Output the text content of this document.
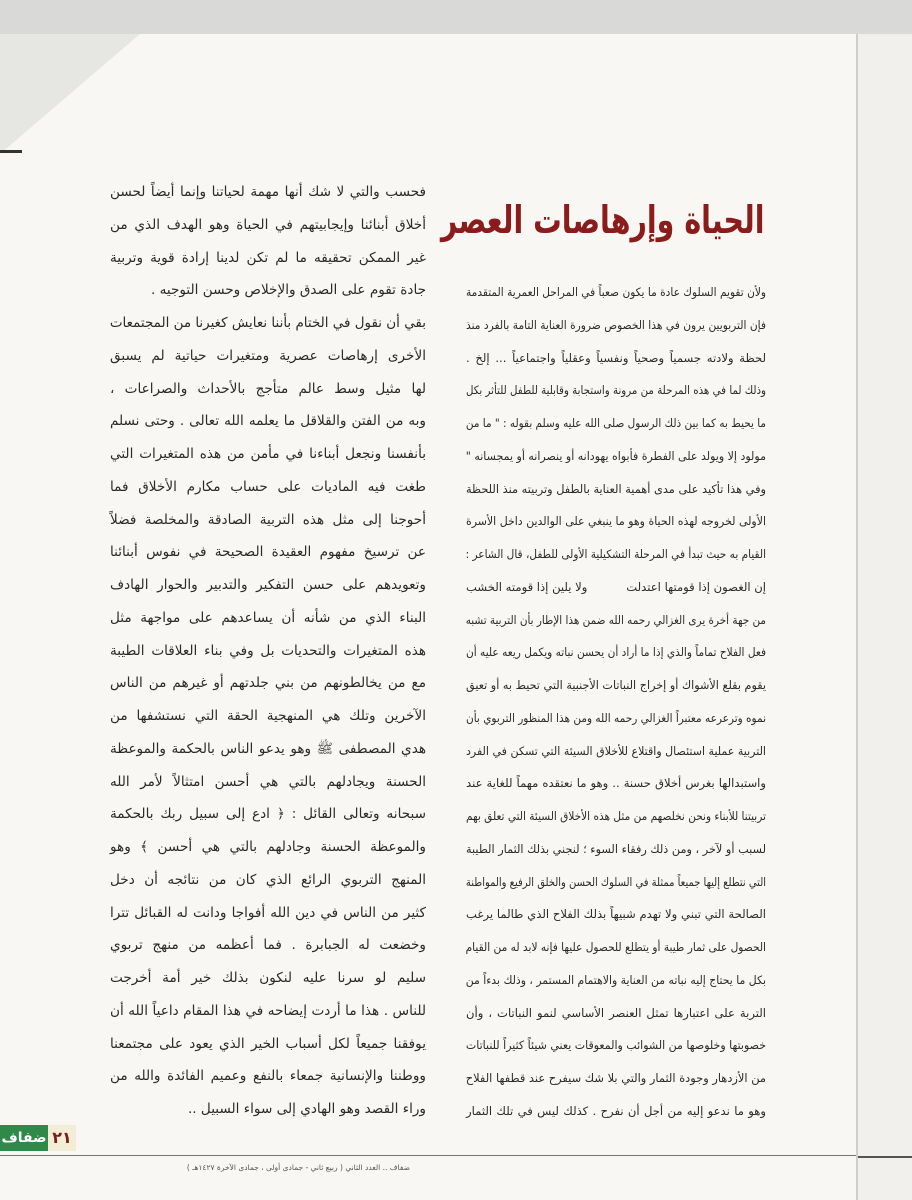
الحياة وإرهاصات العصر
ولأن تقويم السلوك عادة ما يكون صعباً في المراحل العمرية المتقدمة
فإن التربويين يرون في هذا الخصوص ضرورة العناية التامة بالفرد منذ
لحظة ولادته جسمياً وصحياً ونفسياً وعقلياً واجتماعياً ... إلخ .
وذلك لما في هذه المرحلة من مرونة واستجابة وقابلية للطفل للتأثر بكل
ما يحيط به كما بين ذلك الرسول صلى الله عليه وسلم بقوله : " ما من
مولود إلا ويولد على الفطرة فأبواه يهودانه أو ينصرانه أو يمجسانه "
وفي هذا تأكيد على مدى أهمية العناية بالطفل وتربيته منذ اللحظة
الأولى لخروجه لهذه الحياة وهو ما ينبغي على الوالدين داخل الأسرة
القيام به حيث تبدأ في المرحلة التشكيلية الأولى للطفل، قال الشاعر :
إن الغصون إذا قومتها اعتدلت
ولا يلين إذا قومته الخشب
من جهة أخرة يرى الغزالي رحمه الله ضمن هذا الإطار بأن التربية تشبه
فعل الفلاح تماماً والذي إذا ما أراد أن يحسن نباته ويكمل ريعه عليه أن
يقوم بقلع الأشواك أو إخراج النباتات الأجنبية التي تحيط به أو تعيق
نموه وترعرعه معتبراً الغزالي رحمه الله ومن هذا المنظور التربوي بأن
التربية عملية استئصال واقتلاع للأخلاق السيئة التي تسكن في الفرد
واستبدالها بغرس أخلاق حسنة .. وهو ما نعتقده مهماً للغاية عند
تربيتنا للأبناء ونحن نخلصهم من مثل هذه الأخلاق السيئة التي تعلق بهم
لسبب أو لآخر ، ومن ذلك رفقاء السوء ؛ لنجني بذلك الثمار الطيبة
التي نتطلع إليها جميعاً ممثلة في السلوك الحسن والخلق الرفيع والمواطنة
الصالحة التي تبني ولا تهدم شبيهاً بذلك الفلاح الذي طالما يرغب
الحصول على ثمار طيبة أو يتطلع للحصول عليها فإنه لابد له من القيام
بكل ما يحتاج إليه نباته من العناية والاهتمام المستمر ، وذلك بدءاً من
التربة على اعتبارها تمثل العنصر الأساسي لنمو النباتات ، وأن
خصوبتها وخلوصها من الشوائب والمعوقات يعني شيئاً كثيراً للنباتات
من الأزدهار وجودة الثمار والتي بلا شك سيفرح عند قطفها الفلاح
وهو ما ندعو إليه من أجل أن نفرح . كذلك ليس في تلك الثمار
فحسب والتي لا شك أنها مهمة لحياتنا وإنما أيضاً لحسن
أخلاق أبنائنا وإيجابيتهم في الحياة وهو الهدف الذي من
غير الممكن تحقيقه ما لم تكن لدينا إرادة قوية وتربية
جادة تقوم على الصدق والإخلاص وحسن التوجيه .
بقي أن نقول في الختام بأننا نعايش كغيرنا من المجتمعات
الأخرى إرهاصات عصرية ومتغيرات حياتية لم يسبق
لها مثيل وسط عالم متأجج بالأحداث والصراعات ،
وبه من الفتن والقلاقل ما يعلمه الله تعالى . وحتى نسلم
بأنفسنا ونجعل أبناءنا في مأمن من هذه المتغيرات التي
طغت فيه الماديات على حساب مكارم الأخلاق فما
أحوجنا إلى مثل هذه التربية الصادقة والمخلصة فضلاً
عن ترسيخ مفهوم العقيدة الصحيحة في نفوس أبنائنا
وتعويدهم على حسن التفكير والتدبير والحوار الهادف
البناء الذي من شأنه أن يساعدهم على مواجهة مثل
هذه المتغيرات والتحديات بل وفي بناء العلاقات الطيبة
مع من يخالطونهم من بني جلدتهم أو غيرهم من الناس
الآخرين وتلك هي المنهجية الحقة التي نستشفها من
هدي المصطفى ﷺ وهو يدعو الناس بالحكمة والموعظة
الحسنة ويجادلهم بالتي هي أحسن امتثالاً لأمر الله
سبحانه وتعالى القائل : ﴿ ادع إلى سبيل ربك بالحكمة
والموعظة الحسنة وجادلهم بالتي هي أحسن ﴾ وهو
المنهج التربوي الرائع الذي كان من نتائجه أن دخل
كثير من الناس في دين الله أفواجا ودانت له القبائل تترا
وخضعت له الجبابرة . فما أعظمه من منهج تربوي
سليم لو سرنا عليه لنكون بذلك خير أمة أخرجت
للناس . هذا ما أردت إيضاحه في هذا المقام داعياً الله أن
يوفقنا جميعاً لكل أسباب الخير الذي يعود على مجتمعنا
ووطننا والإنسانية جمعاء بالنفع وعميم الفائدة والله من
وراء القصد وهو الهادي إلى سواء السبيل ..
ضفاف ٢١
ضفاف .. العدد الثاني ( ربيع ثاني - جمادى أولى ، جمادى الآخرة ١٤٢٧هـ )
